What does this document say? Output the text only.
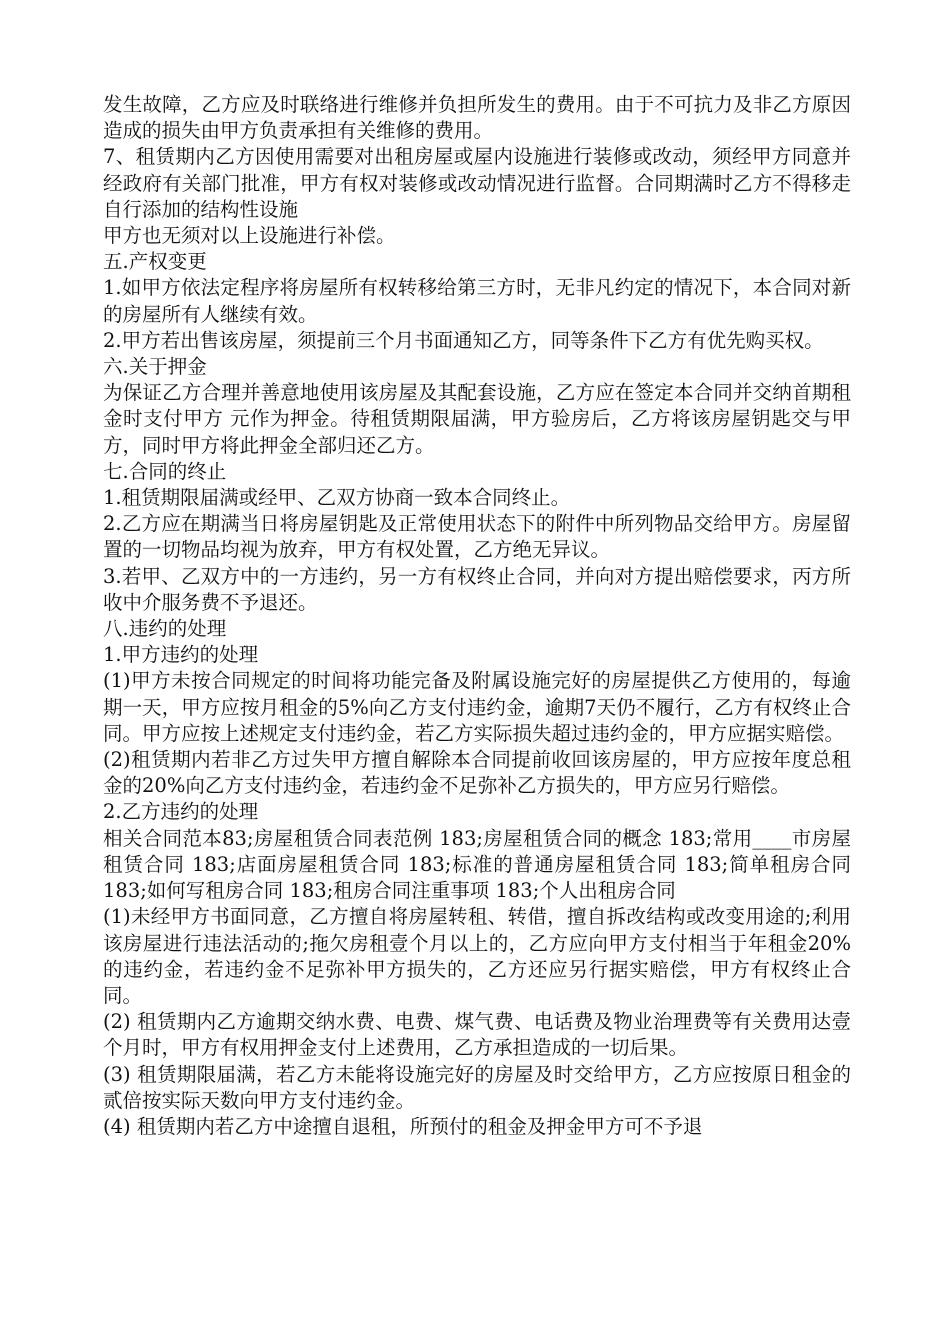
发生故障，乙方应及时联络进行维修并负担所发生的费用。由于不可抗力及非乙方原因造成的损失由甲方负责承担有关维修的费用。

7、租赁期内乙方因使用需要对出租房屋或屋内设施进行装修或改动，须经甲方同意并经政府有关部门批准，甲方有权对装修或改动情况进行监督。合同期满时乙方不得移走自行添加的结构性设施

甲方也无须对以上设施进行补偿。

五.产权变更

1.如甲方依法定程序将房屋所有权转移给第三方时，无非凡约定的情况下，本合同对新的房屋所有人继续有效。

2.甲方若出售该房屋，须提前三个月书面通知乙方，同等条件下乙方有优先购买权。

六.关于押金

为保证乙方合理并善意地使用该房屋及其配套设施，乙方应在签定本合同并交纳首期租金时支付甲方 元作为押金。待租赁期限届满，甲方验房后，乙方将该房屋钥匙交与甲方，同时甲方将此押金全部归还乙方。

七.合同的终止

1.租赁期限届满或经甲、乙双方协商一致本合同终止。

2.乙方应在期满当日将房屋钥匙及正常使用状态下的附件中所列物品交给甲方。房屋留置的一切物品均视为放弃，甲方有权处置，乙方绝无异议。

3.若甲、乙双方中的一方违约，另一方有权终止合同，并向对方提出赔偿要求，丙方所收中介服务费不予退还。

八.违约的处理

1.甲方违约的处理

(1)甲方未按合同规定的时间将功能完备及附属设施完好的房屋提供乙方使用的，每逾期一天，甲方应按月租金的5%向乙方支付违约金，逾期7天仍不履行，乙方有权终止合同。甲方应按上述规定支付违约金，若乙方实际损失超过违约金的，甲方应据实赔偿。

(2)租赁期内若非乙方过失甲方擅自解除本合同提前收回该房屋的，甲方应按年度总租金的20%向乙方支付违约金，若违约金不足弥补乙方损失的，甲方应另行赔偿。

2.乙方违约的处理

相关合同范本83;房屋租赁合同表范例 183;房屋租赁合同的概念 183;常用____市房屋租赁合同 183;店面房屋租赁合同 183;标准的普通房屋租赁合同 183;简单租房合同 183;如何写租房合同 183;租房合同注重事项 183;个人出租房合同

(1)未经甲方书面同意，乙方擅自将房屋转租、转借，擅自拆改结构或改变用途的;利用该房屋进行违法活动的;拖欠房租壹个月以上的，乙方应向甲方支付相当于年租金20%的违约金，若违约金不足弥补甲方损失的，乙方还应另行据实赔偿，甲方有权终止合同。

(2) 租赁期内乙方逾期交纳水费、电费、煤气费、电话费及物业治理费等有关费用达壹个月时，甲方有权用押金支付上述费用，乙方承担造成的一切后果。

(3) 租赁期限届满，若乙方未能将设施完好的房屋及时交给甲方，乙方应按原日租金的贰倍按实际天数向甲方支付违约金。

(4) 租赁期内若乙方中途擅自退租，所预付的租金及押金甲方可不予退
